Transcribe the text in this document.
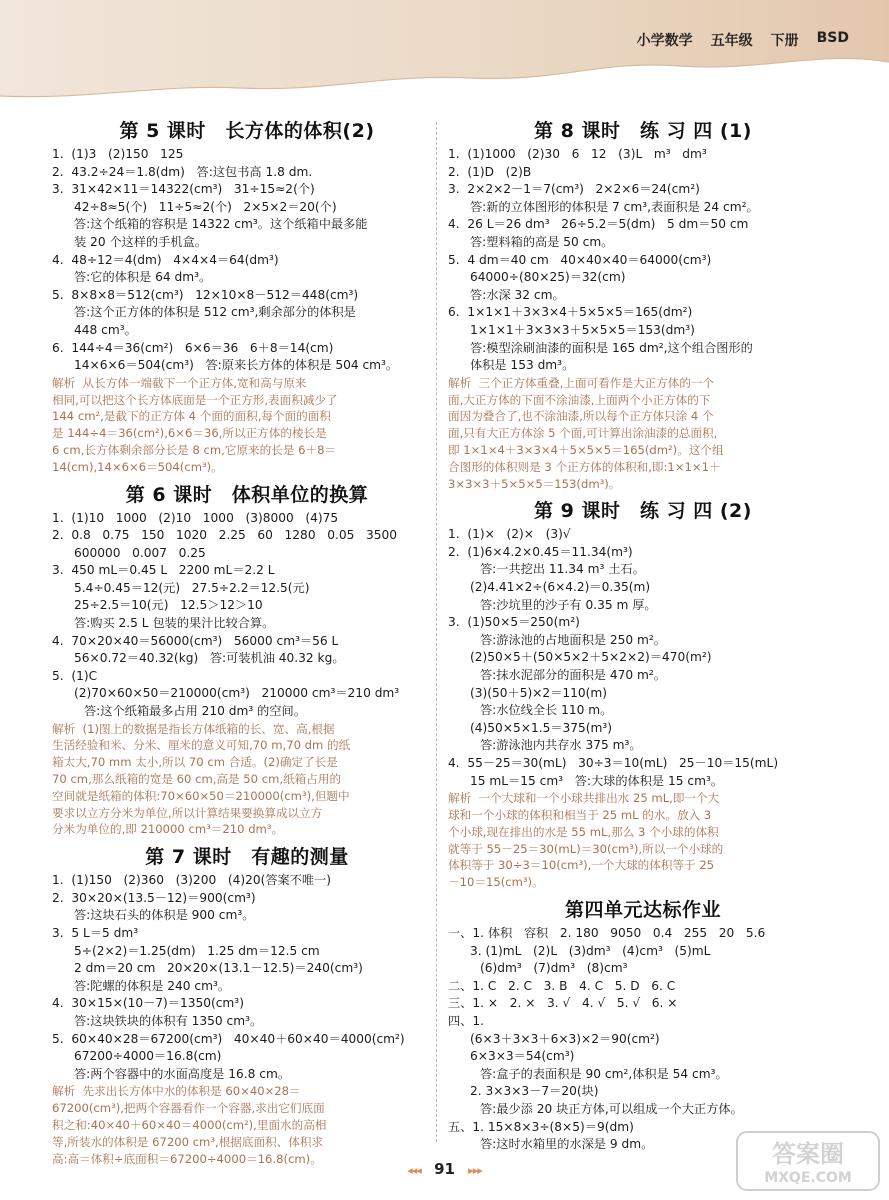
小学数学 五年级 下册 BSD
第 5 课时　长方体的体积(2)
1.  (1)3   (2)150   125
2.  43.2÷24＝1.8(dm)   答:这包书高 1.8 dm.
3.  31×42×11＝14322(cm³)   31÷15≈2(个)
42÷8≈5(个)   11÷5≈2(个)   2×5×2＝20(个)
答:这个纸箱的容积是 14322 cm³。这个纸箱中最多能
装 20 个这样的手机盒。
4.  48÷12＝4(dm)   4×4×4＝64(dm³)
答:它的体积是 64 dm³。
5.  8×8×8＝512(cm³)   12×10×8－512＝448(cm³)
答:这个正方体的体积是 512 cm³,剩余部分的体积是
448 cm³。
6.  144÷4＝36(cm²)   6×6＝36   6＋8＝14(cm)
14×6×6＝504(cm³)   答:原来长方体的体积是 504 cm³。
解析  从长方体一端截下一个正方体,宽和高与原来
相同,可以把这个长方体底面是一个正方形,表面积减少了
144 cm²,是截下的正方体 4 个面的面积,每个面的面积
是 144÷4＝36(cm²),6×6＝36,所以正方体的棱长是
6 cm,长方体剩余部分长是 8 cm,它原来的长是 6＋8＝
14(cm),14×6×6＝504(cm³)。
第 6 课时　体积单位的换算
1.  (1)10   1000   (2)10   1000   (3)8000   (4)75
2.  0.8   0.75   150   1020   2.25   60   1280   0.05   3500
600000   0.007   0.25
3.  450 mL＝0.45 L   2200 mL＝2.2 L
5.4÷0.45＝12(元)   27.5÷2.2＝12.5(元)
25÷2.5＝10(元)   12.5＞12＞10
答:购买 2.5 L 包装的果汁比较合算。
4.  70×20×40＝56000(cm³)   56000 cm³＝56 L
56×0.72＝40.32(kg)   答:可装机油 40.32 kg。
5.  (1)C
(2)70×60×50＝210000(cm³)   210000 cm³＝210 dm³
答:这个纸箱最多占用 210 dm³ 的空间。
解析  (1)图上的数据是指长方体纸箱的长、宽、高,根据
生活经验和米、分米、厘米的意义可知,70 m,70 dm 的纸
箱太大,70 mm 太小,所以 70 cm 合适。(2)确定了长是
70 cm,那么纸箱的宽是 60 cm,高是 50 cm,纸箱占用的
空间就是纸箱的体积:70×60×50＝210000(cm³),但题中
要求以立方分米为单位,所以计算结果要换算成以立方
分米为单位的,即 210000 cm³＝210 dm³。
第 7 课时　有趣的测量
1.  (1)150   (2)360   (3)200   (4)20(答案不唯一)
2.  30×20×(13.5－12)＝900(cm³)
答:这块石头的体积是 900 cm³。
3.  5 L＝5 dm³
5÷(2×2)＝1.25(dm)   1.25 dm＝12.5 cm
2 dm＝20 cm   20×20×(13.1－12.5)＝240(cm³)
答:陀螺的体积是 240 cm³。
4.  30×15×(10－7)＝1350(cm³)
答:这块铁块的体积有 1350 cm³。
5.  60×40×28＝67200(cm³)   40×40＋60×40＝4000(cm²)
67200÷4000＝16.8(cm)
答:两个容器中的水面高度是 16.8 cm。
解析  先求出长方体中水的体积是 60×40×28＝
67200(cm³),把两个容器看作一个容器,求出它们底面
积之和:40×40＋60×40＝4000(cm²),里面水的高相
等,所装水的体积是 67200 cm³,根据底面积、体积求
高:高＝体积÷底面积＝67200÷4000＝16.8(cm)。
第 8 课时　练 习 四 (1)
1.  (1)1000   (2)30   6   12   (3)L   m³   dm³
2.  (1)D   (2)B
3.  2×2×2－1＝7(cm³)   2×2×6＝24(cm²)
答:新的立体图形的体积是 7 cm³,表面积是 24 cm²。
4.  26 L＝26 dm³   26÷5.2＝5(dm)   5 dm＝50 cm
答:塑料箱的高是 50 cm。
5.  4 dm＝40 cm   40×40×40＝64000(cm³)
64000÷(80×25)＝32(cm)
答:水深 32 cm。
6.  1×1×1＋3×3×4＋5×5×5＝165(dm²)
1×1×1＋3×3×3＋5×5×5＝153(dm³)
答:模型涂刷油漆的面积是 165 dm²,这个组合图形的
体积是 153 dm³。
解析  三个正方体重叠,上面可看作是大正方体的一个
面,大正方体的下面不涂油漆,上面两个小正方体的下
面因为叠合了,也不涂油漆,所以每个正方体只涂 4 个
面,只有大正方体涂 5 个面,可计算出涂油漆的总面积,
即 1×1×4＋3×3×4＋5×5×5＝165(dm²)。这个组
合图形的体积则是 3 个正方体的体积和,即:1×1×1＋
3×3×3＋5×5×5＝153(dm³)。
第 9 课时　练 习 四 (2)
1.  (1)×   (2)×   (3)√
2.  (1)6×4.2×0.45＝11.34(m³)
答:一共挖出 11.34 m³ 土石。
(2)4.41×2÷(6×4.2)＝0.35(m)
答:沙坑里的沙子有 0.35 m 厚。
3.  (1)50×5＝250(m²)
答:游泳池的占地面积是 250 m²。
(2)50×5＋(50×5×2＋5×2×2)＝470(m²)
答:抹水泥部分的面积是 470 m²。
(3)(50＋5)×2＝110(m)
答:水位线全长 110 m。
(4)50×5×1.5＝375(m³)
答:游泳池内共存水 375 m³。
4.  55－25＝30(mL)   30÷3＝10(mL)   25－10＝15(mL)
15 mL＝15 cm³   答:大球的体积是 15 cm³。
解析  一个大球和一个小球共排出水 25 mL,即一个大
球和一个小球的体积和相当于 25 mL 的水。放入 3
个小球,现在排出的水是 55 mL,那么 3 个小球的体积
就等于 55－25＝30(mL)＝30(cm³),所以一个小球的
体积等于 30÷3＝10(cm³),一个大球的体积等于 25
－10＝15(cm³)。
第四单元达标作业
一、1. 体积   容积   2. 180   9050   0.4   255   20   5.6
3. (1)mL   (2)L   (3)dm³   (4)cm³   (5)mL
(6)dm³   (7)dm³   (8)cm³
二、1. C   2. C   3. B   4. C   5. D   6. C
三、1. ×   2. ×   3. √   4. √   5. √   6. ×
四、1.
(6×3＋3×3＋6×3)×2＝90(cm²)
6×3×3＝54(cm³)
答:盒子的表面积是 90 cm²,体积是 54 cm³。
2. 3×3×3－7＝20(块)
答:最少添 20 块正方体,可以组成一个大正方体。
五、1. 15×8×3÷(8×5)＝9(dm)
答:这时水箱里的水深是 9 dm。
◂◂◂ 91 ▸▸▸
答案圈
MXQE.COM
